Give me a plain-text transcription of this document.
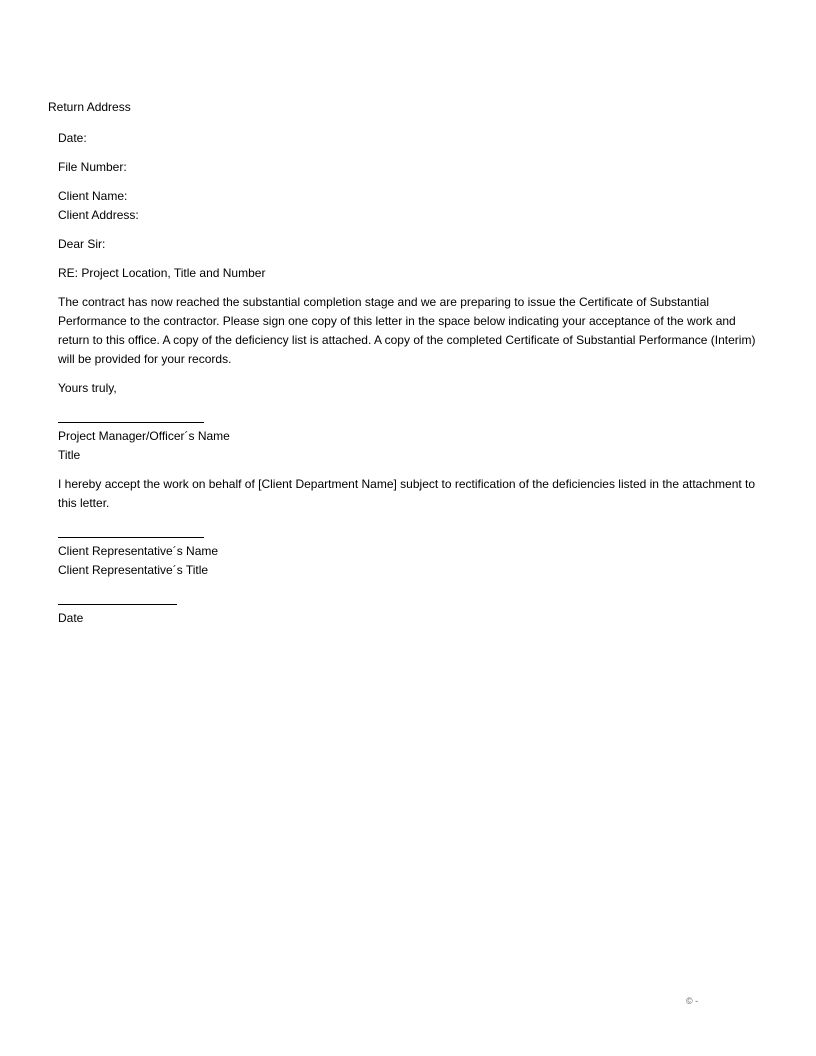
Return Address

Date:

File Number:

Client Name:

Client Address:

Dear Sir:

RE: Project Location, Title and Number

The contract has now reached the substantial completion stage and we are preparing to issue the Certificate of Substantial Performance to the contractor. Please sign one copy of this letter in the space below indicating your acceptance of the work and return to this office. A copy of the deficiency list is attached. A copy of the completed Certificate of Substantial Performance (Interim) will be provided for your records.

Yours truly,

Project Manager/Officer´s Name

Title

I hereby accept the work on behalf of [Client Department Name] subject to rectification of the deficiencies listed in the attachment to this letter.

Client Representative´s Name

Client Representative´s Title

Date

© -
